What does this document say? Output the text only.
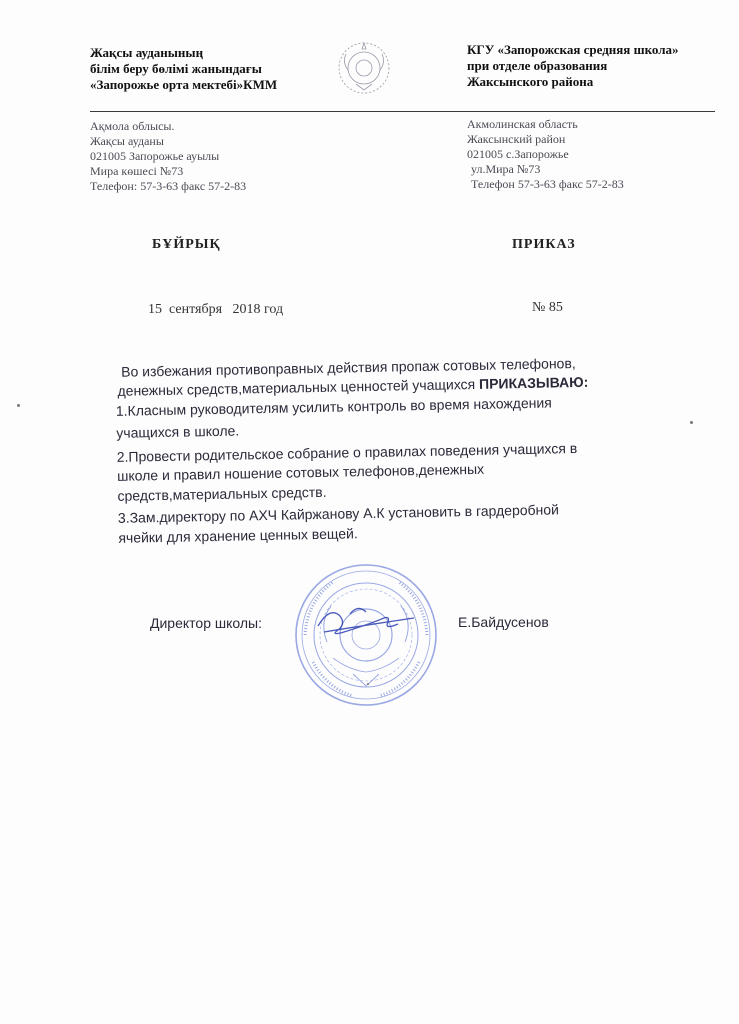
Жақсы ауданының
білім беру бөлімі жанындағы
«Запорожье орта мектебі»КММ
КГУ «Запорожская средняя школа»
при отделе образования
Жаксынского района
Ақмола облысы.
Жақсы ауданы
021005 Запорожье ауылы
Мира көшесі №73
Телефон: 57-3-63 факс 57-2-83
Акмолинская область
Жаксынский район
021005 с.Запорожье
ул.Мира №73
Телефон 57-3-63 факс 57-2-83
БҰЙРЫҚ	ПРИКАЗ
15  сентября   2018 год	№ 85
Во избежания противоправных действия пропаж сотовых телефонов,
денежных средств,материальных ценностей учащихся ПРИКАЗЫВАЮ:
1.Класным руководителям усилить контроль во время нахождения
учащихся в школе.
2.Провести родительское собрание о правилах поведения учащихся в
школе и правил ношение сотовых телефонов,денежных
средств,материальных средств.
3.Зам.директору по АХЧ Кайржанову А.К установить в гардеробной
ячейки для хранение ценных вещей.
Директор школы:	Е.Байдусенов
